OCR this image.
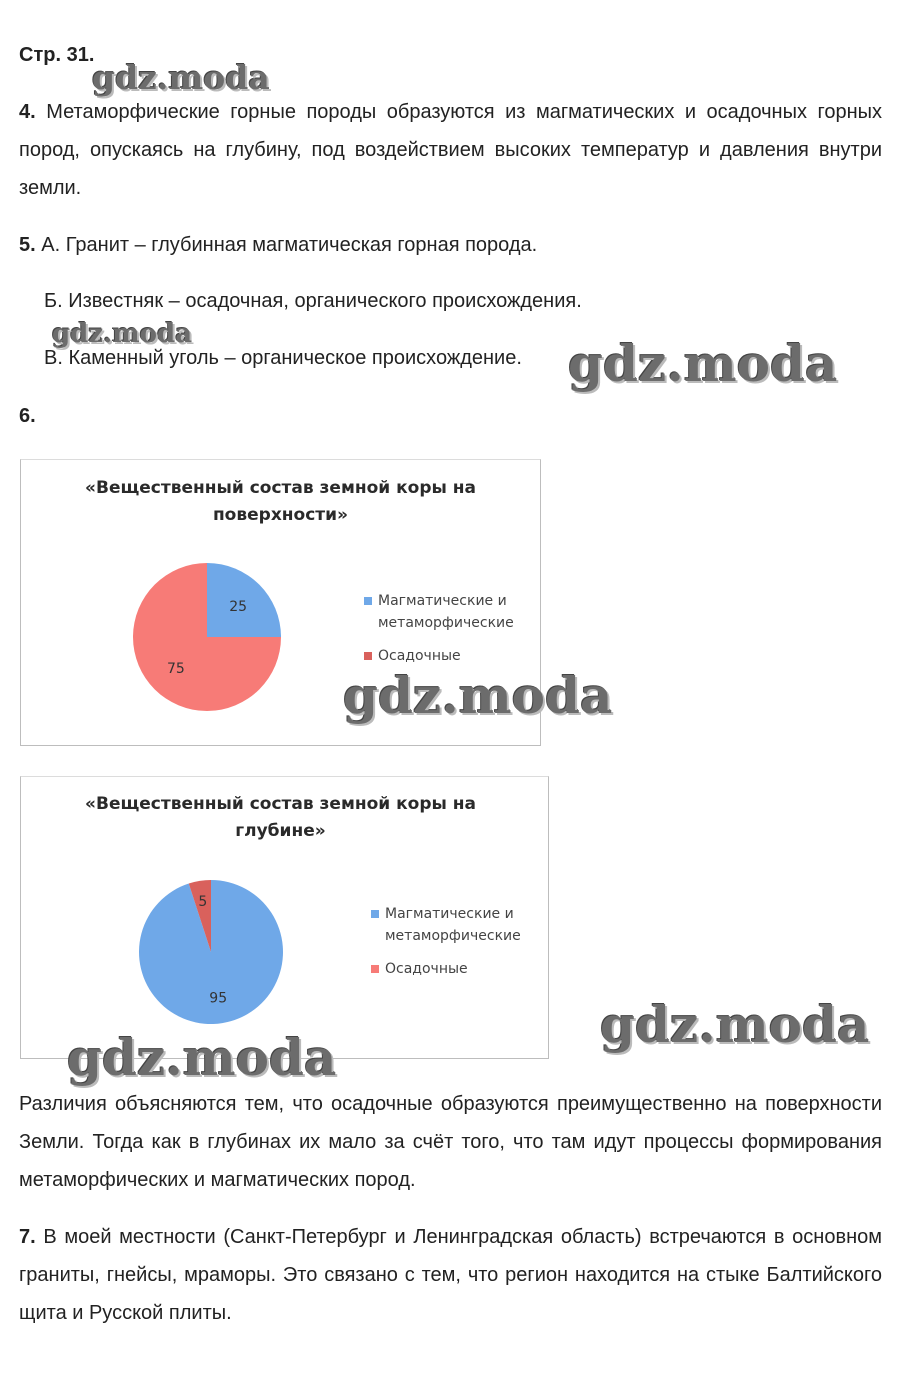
Стр. 31.
4. Метаморфические горные породы образуются из магматических и осадочных горных пород, опускаясь на глубину, под воздействием высоких температур и давления внутри земли.
5. А. Гранит – глубинная магматическая горная порода.
Б. Известняк – осадочная, органического происхождения.
В. Каменный уголь – органическое происхождение.
6.
«Вещественный состав земной коры на
поверхности»
25
75
Магматические и
метаморфические
Осадочные
«Вещественный состав земной коры на
глубине»
95
5
Магматические и
метаморфические
Осадочные
Различия объясняются тем, что осадочные образуются преимущественно на поверхности Земли. Тогда как в глубинах их мало за счёт того, что там идут процессы формирования метаморфических и магматических пород.
7. В моей местности (Санкт-Петербург и Ленинградская область) встречаются в основном граниты, гнейсы, мраморы. Это связано с тем, что регион находится на стыке Балтийского щита и Русской плиты.
gdz.moda
gdz.moda	gdz.moda
gdz.moda
gdz.moda
gdz.moda
